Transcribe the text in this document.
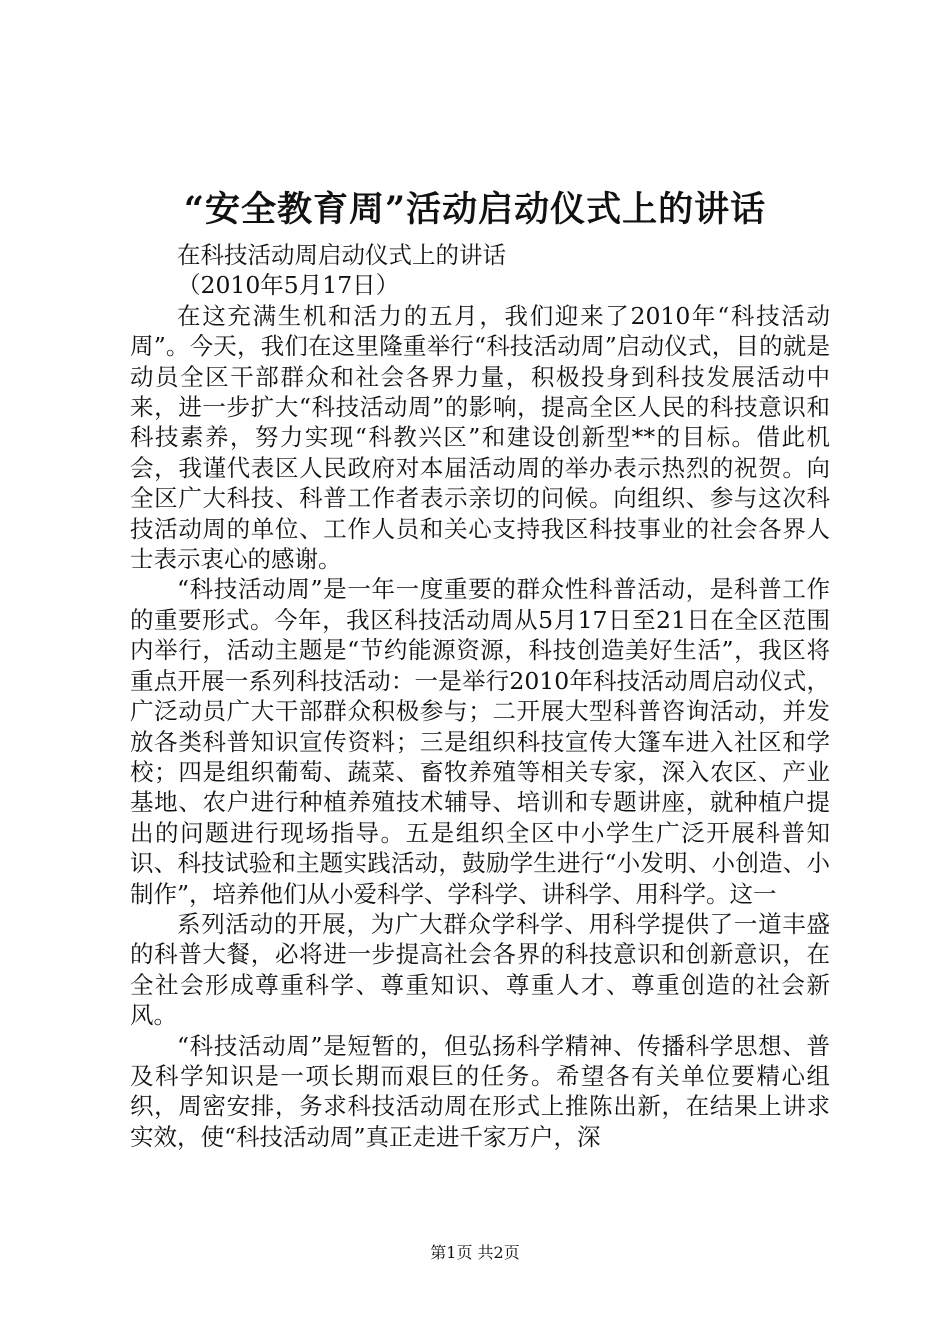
“安全教育周”活动启动仪式上的讲话

在科技活动周启动仪式上的讲话

（2010年5月17日）

在这充满生机和活力的五月，我们迎来了2010年“科技活动周”。今天，我们在这里隆重举行“科技活动周”启动仪式，目的就是动员全区干部群众和社会各界力量，积极投身到科技发展活动中来，进一步扩大“科技活动周”的影响，提高全区人民的科技意识和科技素养，努力实现“科教兴区”和建设创新型**的目标。借此机会，我谨代表区人民政府对本届活动周的举办表示热烈的祝贺。向全区广大科技、科普工作者表示亲切的问候。向组织、参与这次科技活动周的单位、工作人员和关心支持我区科技事业的社会各界人士表示衷心的感谢。

“科技活动周”是一年一度重要的群众性科普活动，是科普工作的重要形式。今年，我区科技活动周从5月17日至21日在全区范围内举行，活动主题是“节约能源资源，科技创造美好生活”，我区将重点开展一系列科技活动：一是举行2010年科技活动周启动仪式，广泛动员广大干部群众积极参与；二开展大型科普咨询活动，并发放各类科普知识宣传资料；三是组织科技宣传大篷车进入社区和学校；四是组织葡萄、蔬菜、畜牧养殖等相关专家，深入农区、产业基地、农户进行种植养殖技术辅导、培训和专题讲座，就种植户提出的问题进行现场指导。五是组织全区中小学生广泛开展科普知识、科技试验和主题实践活动，鼓励学生进行“小发明、小创造、小制作”，培养他们从小爱科学、学科学、讲科学、用科学。这一

系列活动的开展，为广大群众学科学、用科学提供了一道丰盛的科普大餐，必将进一步提高社会各界的科技意识和创新意识，在全社会形成尊重科学、尊重知识、尊重人才、尊重创造的社会新风。

“科技活动周”是短暂的，但弘扬科学精神、传播科学思想、普及科学知识是一项长期而艰巨的任务。希望各有关单位要精心组织，周密安排，务求科技活动周在形式上推陈出新，在结果上讲求实效，使“科技活动周”真正走进千家万户，深

第1页 共2页
